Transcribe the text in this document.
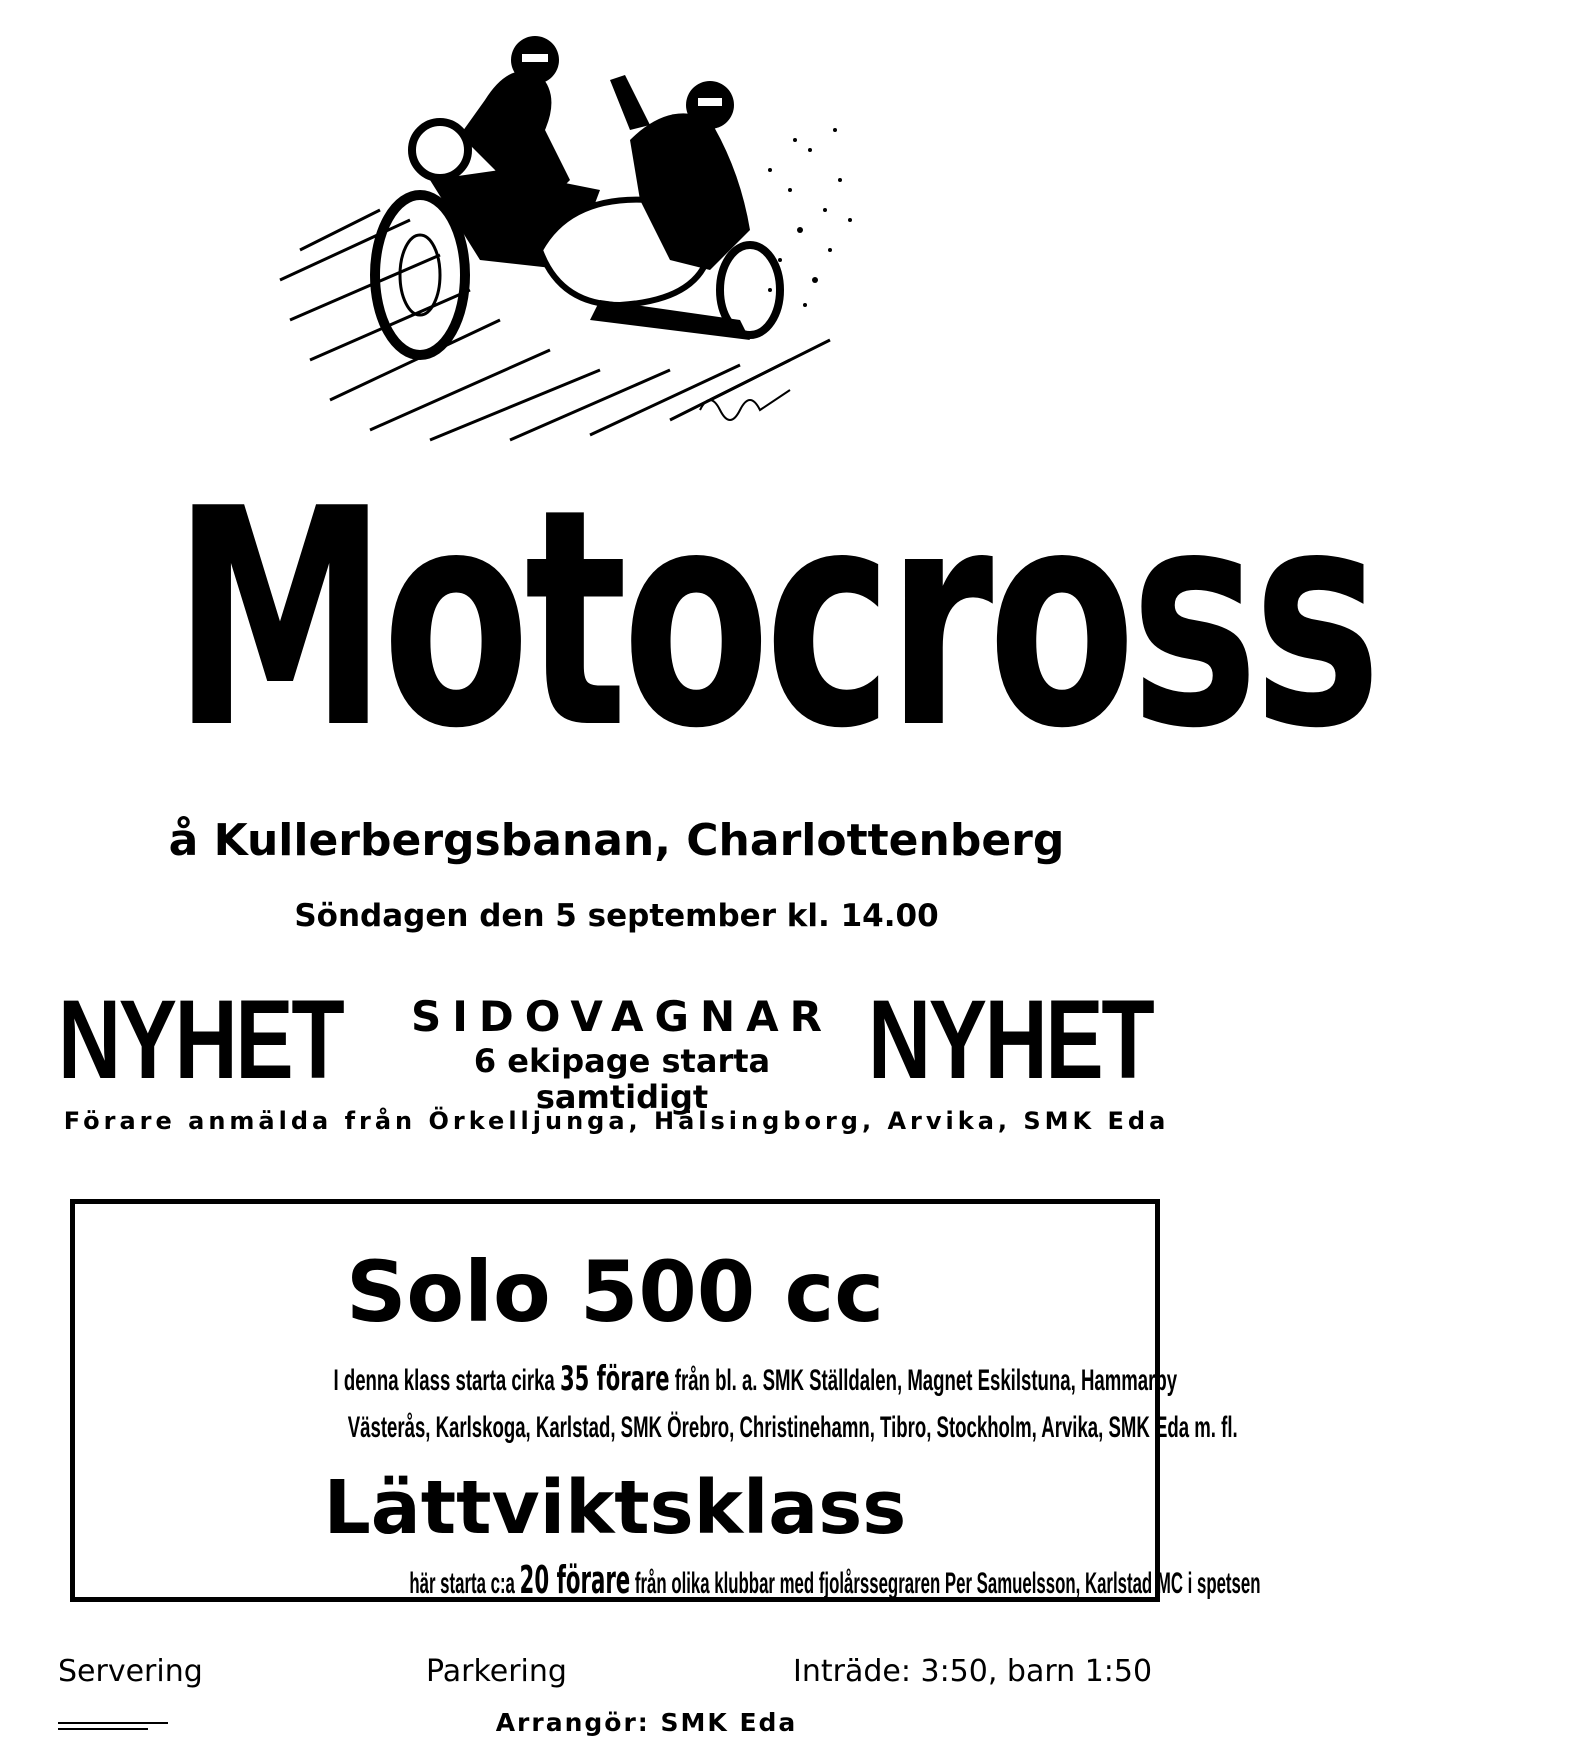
Motocross
å Kullerbergsbanan, Charlottenberg
Söndagen den 5 september kl. 14.00
NYHET	SIDOVAGNAR
6 ekipage starta samtidigt	NYHET
Förare anmälda från Örkelljunga, Hälsingborg, Arvika, SMK Eda
Solo 500 cc
I denna klass starta cirka 35 förare från bl. a. SMK Ställdalen, Magnet Eskilstuna, Hammarby
Västerås, Karlskoga, Karlstad, SMK Örebro, Christinehamn, Tibro, Stockholm, Arvika, SMK Eda m. fl.
Lättviktsklass
här starta c:a 20 förare från olika klubbar med fjolårssegraren Per Samuelsson, Karlstad MC i spetsen
Servering	Parkering	Inträde: 3:50, barn 1:50
Arrangör: SMK Eda
